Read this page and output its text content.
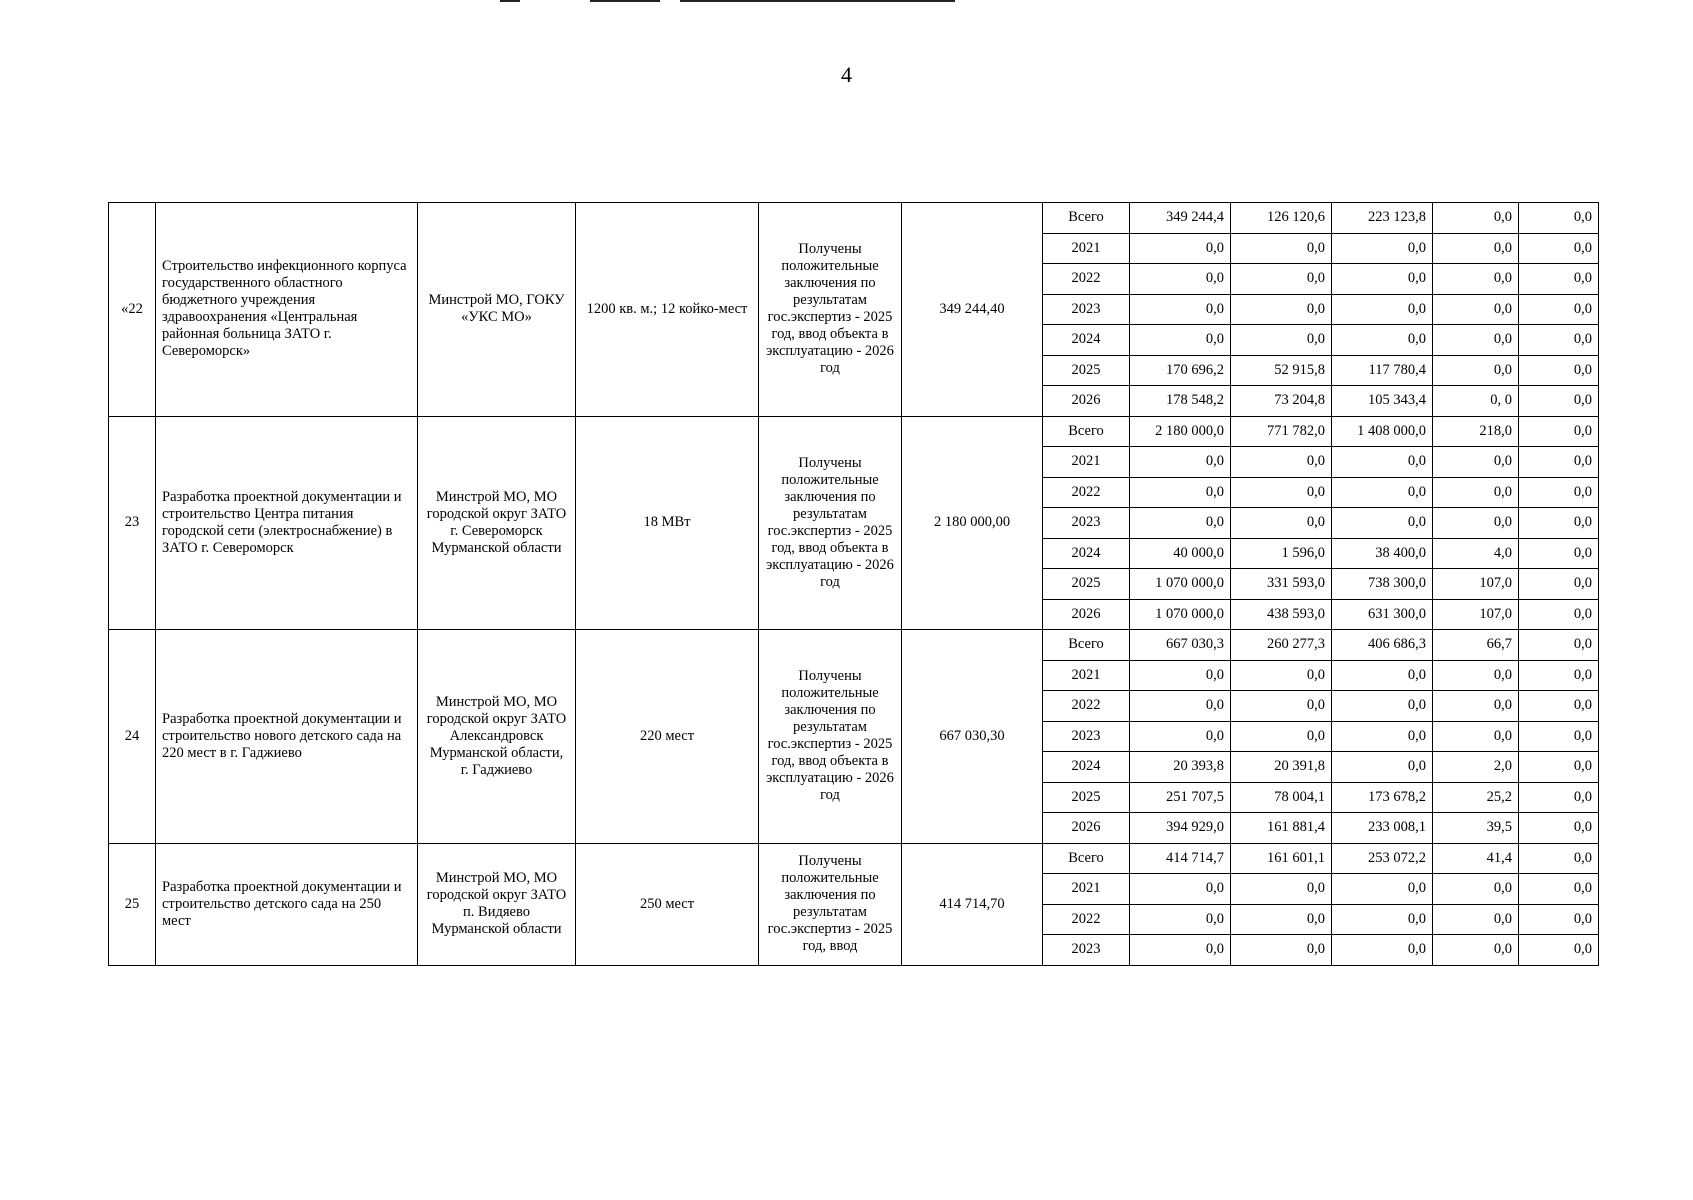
4
«22	Строительство инфекционного корпуса государственного областного бюджетного учреждения здравоохранения «Центральная районная больница ЗАТО г. Североморск»	Минстрой МО, ГОКУ «УКС МО»	1200 кв. м.; 12 койко-мест	Получены положительные заключения по результатам гос.экспертиз - 2025 год, ввод объекта в эксплуатацию - 2026 год	349 244,40	Всего	349 244,4	126 120,6	223 123,8	0,0	0,0
						2021	0,0	0,0	0,0	0,0	0,0
						2022	0,0	0,0	0,0	0,0	0,0
						2023	0,0	0,0	0,0	0,0	0,0
						2024	0,0	0,0	0,0	0,0	0,0
						2025	170 696,2	52 915,8	117 780,4	0,0	0,0
						2026	178 548,2	73 204,8	105 343,4	0, 0	0,0
23	Разработка проектной документации и строительство Центра питания городской сети (электроснабжение) в ЗАТО г. Североморск	Минстрой МО, МО городской округ ЗАТО г. Североморск Мурманской области	18 МВт	Получены положительные заключения по результатам гос.экспертиз - 2025 год, ввод объекта в эксплуатацию - 2026 год	2 180 000,00	Всего	2 180 000,0	771 782,0	1 408 000,0	218,0	0,0
						2021	0,0	0,0	0,0	0,0	0,0
						2022	0,0	0,0	0,0	0,0	0,0
						2023	0,0	0,0	0,0	0,0	0,0
						2024	40 000,0	1 596,0	38 400,0	4,0	0,0
						2025	1 070 000,0	331 593,0	738 300,0	107,0	0,0
						2026	1 070 000,0	438 593,0	631 300,0	107,0	0,0
24	Разработка проектной документации и строительство нового детского сада на 220 мест в г. Гаджиево	Минстрой МО, МО городской округ ЗАТО Александровск Мурманской области, г. Гаджиево	220 мест	Получены положительные заключения по результатам гос.экспертиз - 2025 год, ввод объекта в эксплуатацию - 2026 год	667 030,30	Всего	667 030,3	260 277,3	406 686,3	66,7	0,0
						2021	0,0	0,0	0,0	0,0	0,0
						2022	0,0	0,0	0,0	0,0	0,0
						2023	0,0	0,0	0,0	0,0	0,0
						2024	20 393,8	20 391,8	0,0	2,0	0,0
						2025	251 707,5	78 004,1	173 678,2	25,2	0,0
						2026	394 929,0	161 881,4	233 008,1	39,5	0,0
25	Разработка проектной документации и строительство детского сада на 250 мест	Минстрой МО, МО городской округ ЗАТО п. Видяево Мурманской области	250 мест	Получены положительные заключения по результатам гос.экспертиз - 2025 год, ввод	414 714,70	Всего	414 714,7	161 601,1	253 072,2	41,4	0,0
						2021	0,0	0,0	0,0	0,0	0,0
						2022	0,0	0,0	0,0	0,0	0,0
						2023	0,0	0,0	0,0	0,0	0,0
